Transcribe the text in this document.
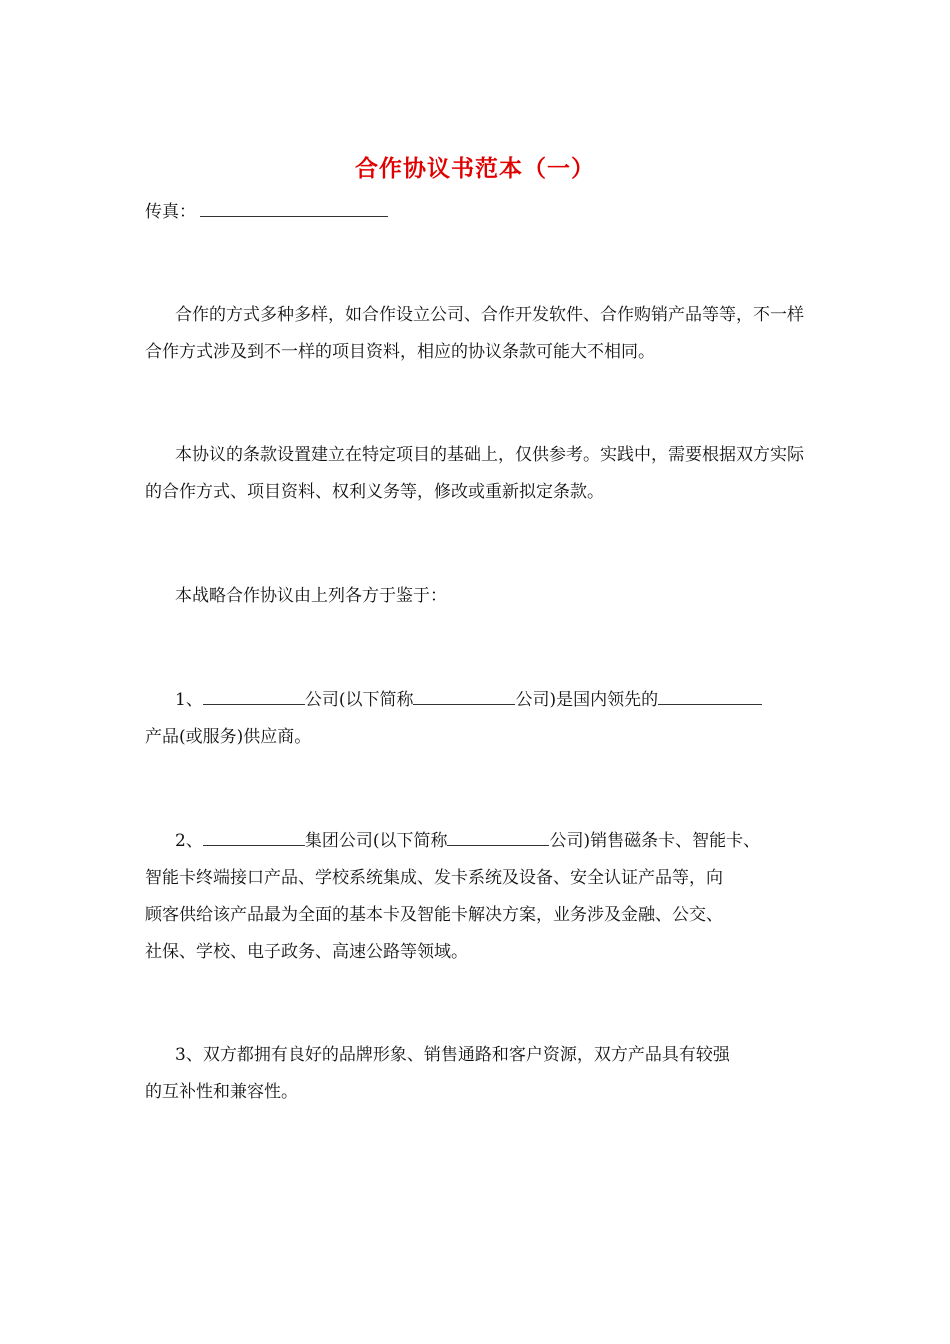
合作协议书范本（一）
传真：

合作的方式多种多样，如合作设立公司、合作开发软件、合作购销产品等等，不一样合作方式涉及到不一样的项目资料，相应的协议条款可能大不相同。

本协议的条款设置建立在特定项目的基础上，仅供参考。实践中，需要根据双方实际的合作方式、项目资料、权利义务等，修改或重新拟定条款。

本战略合作协议由上列各方于鉴于：

1、	公司(以下简称	公司)是国内领先的
产品(或服务)供应商。

2、	集团公司(以下简称	公司)销售磁条卡、智能卡、
智能卡终端接口产品、学校系统集成、发卡系统及设备、安全认证产品等，向
顾客供给该产品最为全面的基本卡及智能卡解决方案，业务涉及金融、公交、
社保、学校、电子政务、高速公路等领域。

3、双方都拥有良好的品牌形象、销售通路和客户资源，双方产品具有较强
的互补性和兼容性。
